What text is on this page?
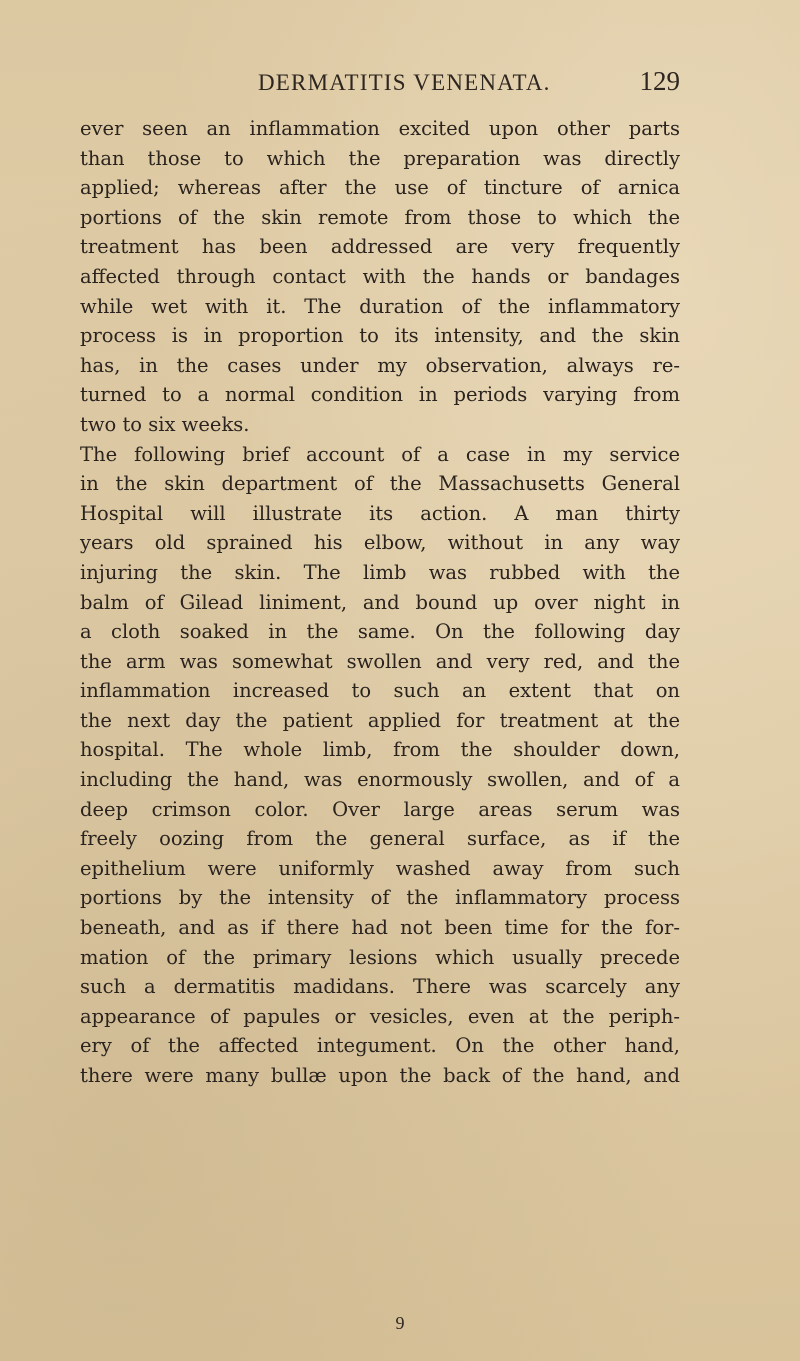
DERMATITIS VENENATA.	129
ever seen an inflammation excited upon other parts
than those to which the preparation was directly
applied; whereas after the use of tincture of arnica
portions of the skin remote from those to which the
treatment has been addressed are very frequently
affected through contact with the hands or bandages
while wet with it. The duration of the inflammatory
process is in proportion to its intensity, and the skin
has, in the cases under my observation, always re-
turned to a normal condition in periods varying from
two to six weeks.
The following brief account of a case in my service
in the skin department of the Massachusetts General
Hospital will illustrate its action. A man thirty
years old sprained his elbow, without in any way
injuring the skin. The limb was rubbed with the
balm of Gilead liniment, and bound up over night in
a cloth soaked in the same. On the following day
the arm was somewhat swollen and very red, and the
inflammation increased to such an extent that on
the next day the patient applied for treatment at the
hospital. The whole limb, from the shoulder down,
including the hand, was enormously swollen, and of a
deep crimson color. Over large areas serum was
freely oozing from the general surface, as if the
epithelium were uniformly washed away from such
portions by the intensity of the inflammatory process
beneath, and as if there had not been time for the for-
mation of the primary lesions which usually precede
such a dermatitis madidans. There was scarcely any
appearance of papules or vesicles, even at the periph-
ery of the affected integument. On the other hand,
there were many bullæ upon the back of the hand, and
9
